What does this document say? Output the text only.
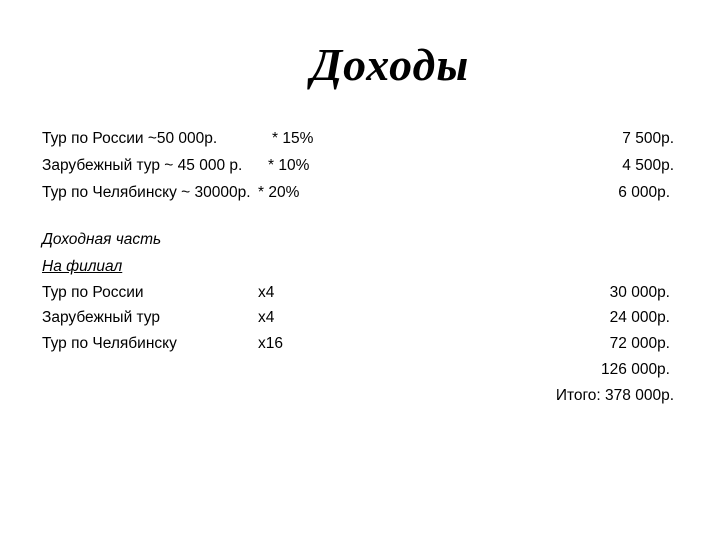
Доходы
Тур по России ~50 000р.	* 15%	7 500р.
Зарубежный тур ~ 45 000 р. * 10%	4 500р.
Тур по Челябинску ~ 30000р. * 20%	6 000р.
Доходная часть
На филиал
Тур по России	х4	30 000р.
Зарубежный тур	х4	24 000р.
Тур по Челябинску	х16	72 000р.
126 000р.
Итого: 378 000р.
